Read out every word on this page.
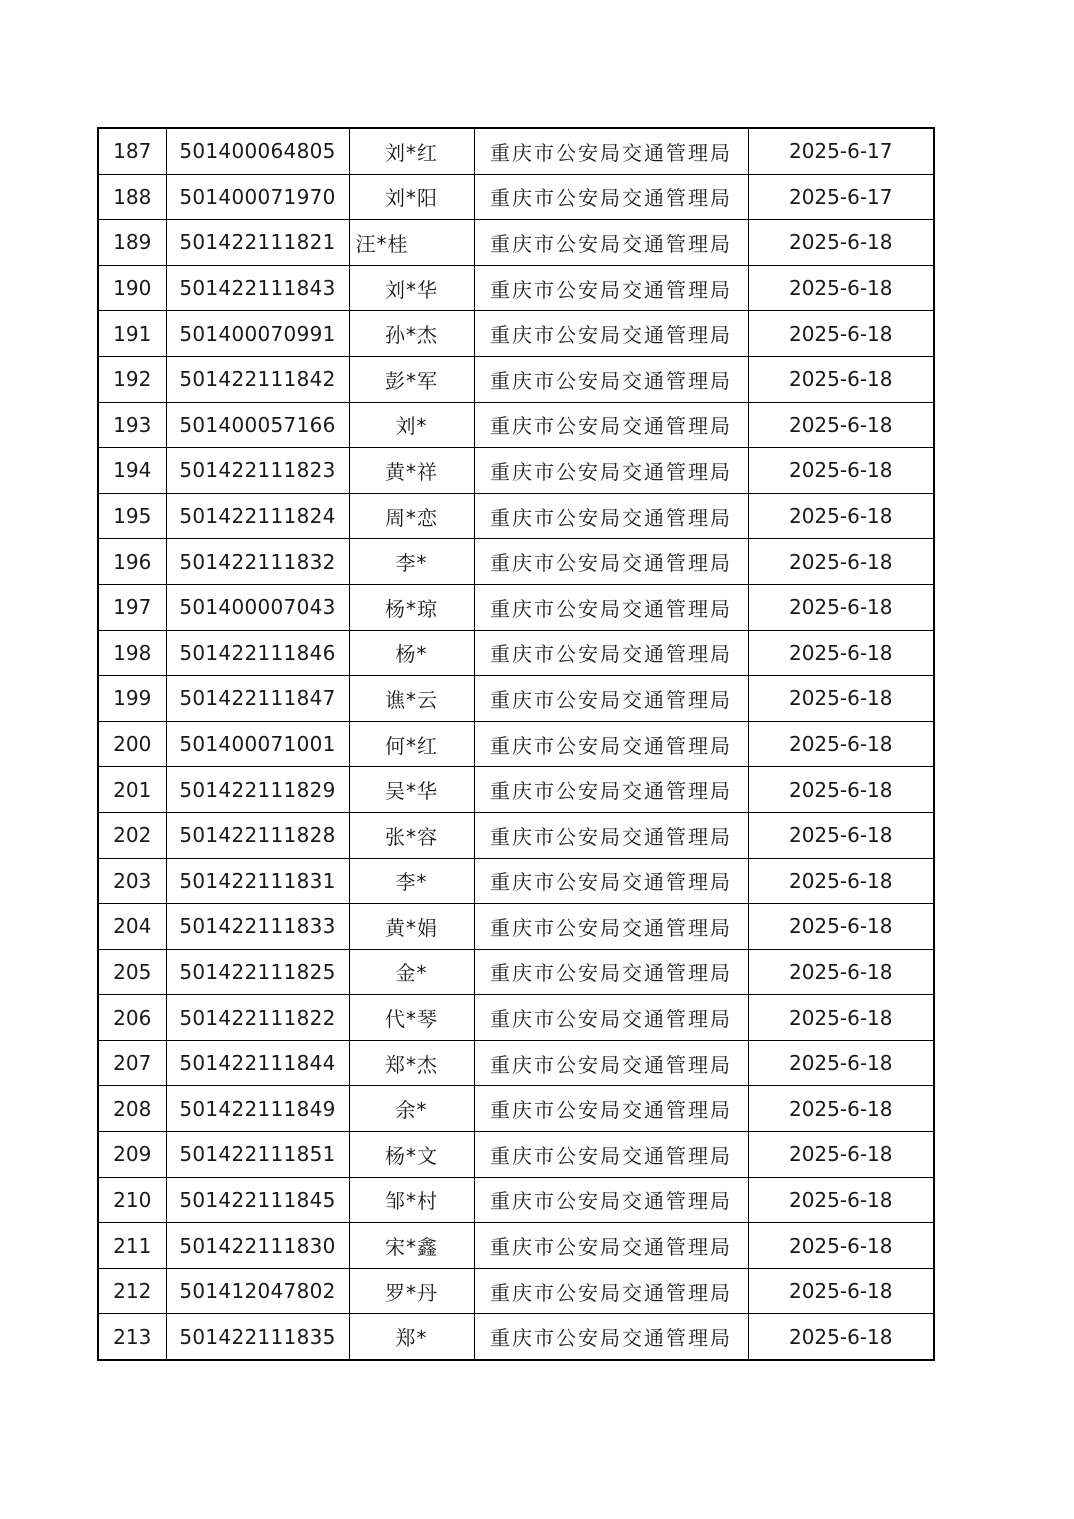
187	501400064805	刘*红	重庆市公安局交通管理局	2025-6-17
188	501400071970	刘*阳	重庆市公安局交通管理局	2025-6-17
189	501422111821	汪*桂	重庆市公安局交通管理局	2025-6-18
190	501422111843	刘*华	重庆市公安局交通管理局	2025-6-18
191	501400070991	孙*杰	重庆市公安局交通管理局	2025-6-18
192	501422111842	彭*军	重庆市公安局交通管理局	2025-6-18
193	501400057166	刘*	重庆市公安局交通管理局	2025-6-18
194	501422111823	黄*祥	重庆市公安局交通管理局	2025-6-18
195	501422111824	周*恋	重庆市公安局交通管理局	2025-6-18
196	501422111832	李*	重庆市公安局交通管理局	2025-6-18
197	501400007043	杨*琼	重庆市公安局交通管理局	2025-6-18
198	501422111846	杨*	重庆市公安局交通管理局	2025-6-18
199	501422111847	谯*云	重庆市公安局交通管理局	2025-6-18
200	501400071001	何*红	重庆市公安局交通管理局	2025-6-18
201	501422111829	吴*华	重庆市公安局交通管理局	2025-6-18
202	501422111828	张*容	重庆市公安局交通管理局	2025-6-18
203	501422111831	李*	重庆市公安局交通管理局	2025-6-18
204	501422111833	黄*娟	重庆市公安局交通管理局	2025-6-18
205	501422111825	金*	重庆市公安局交通管理局	2025-6-18
206	501422111822	代*琴	重庆市公安局交通管理局	2025-6-18
207	501422111844	郑*杰	重庆市公安局交通管理局	2025-6-18
208	501422111849	余*	重庆市公安局交通管理局	2025-6-18
209	501422111851	杨*文	重庆市公安局交通管理局	2025-6-18
210	501422111845	邹*村	重庆市公安局交通管理局	2025-6-18
211	501422111830	宋*鑫	重庆市公安局交通管理局	2025-6-18
212	501412047802	罗*丹	重庆市公安局交通管理局	2025-6-18
213	501422111835	郑*	重庆市公安局交通管理局	2025-6-18
